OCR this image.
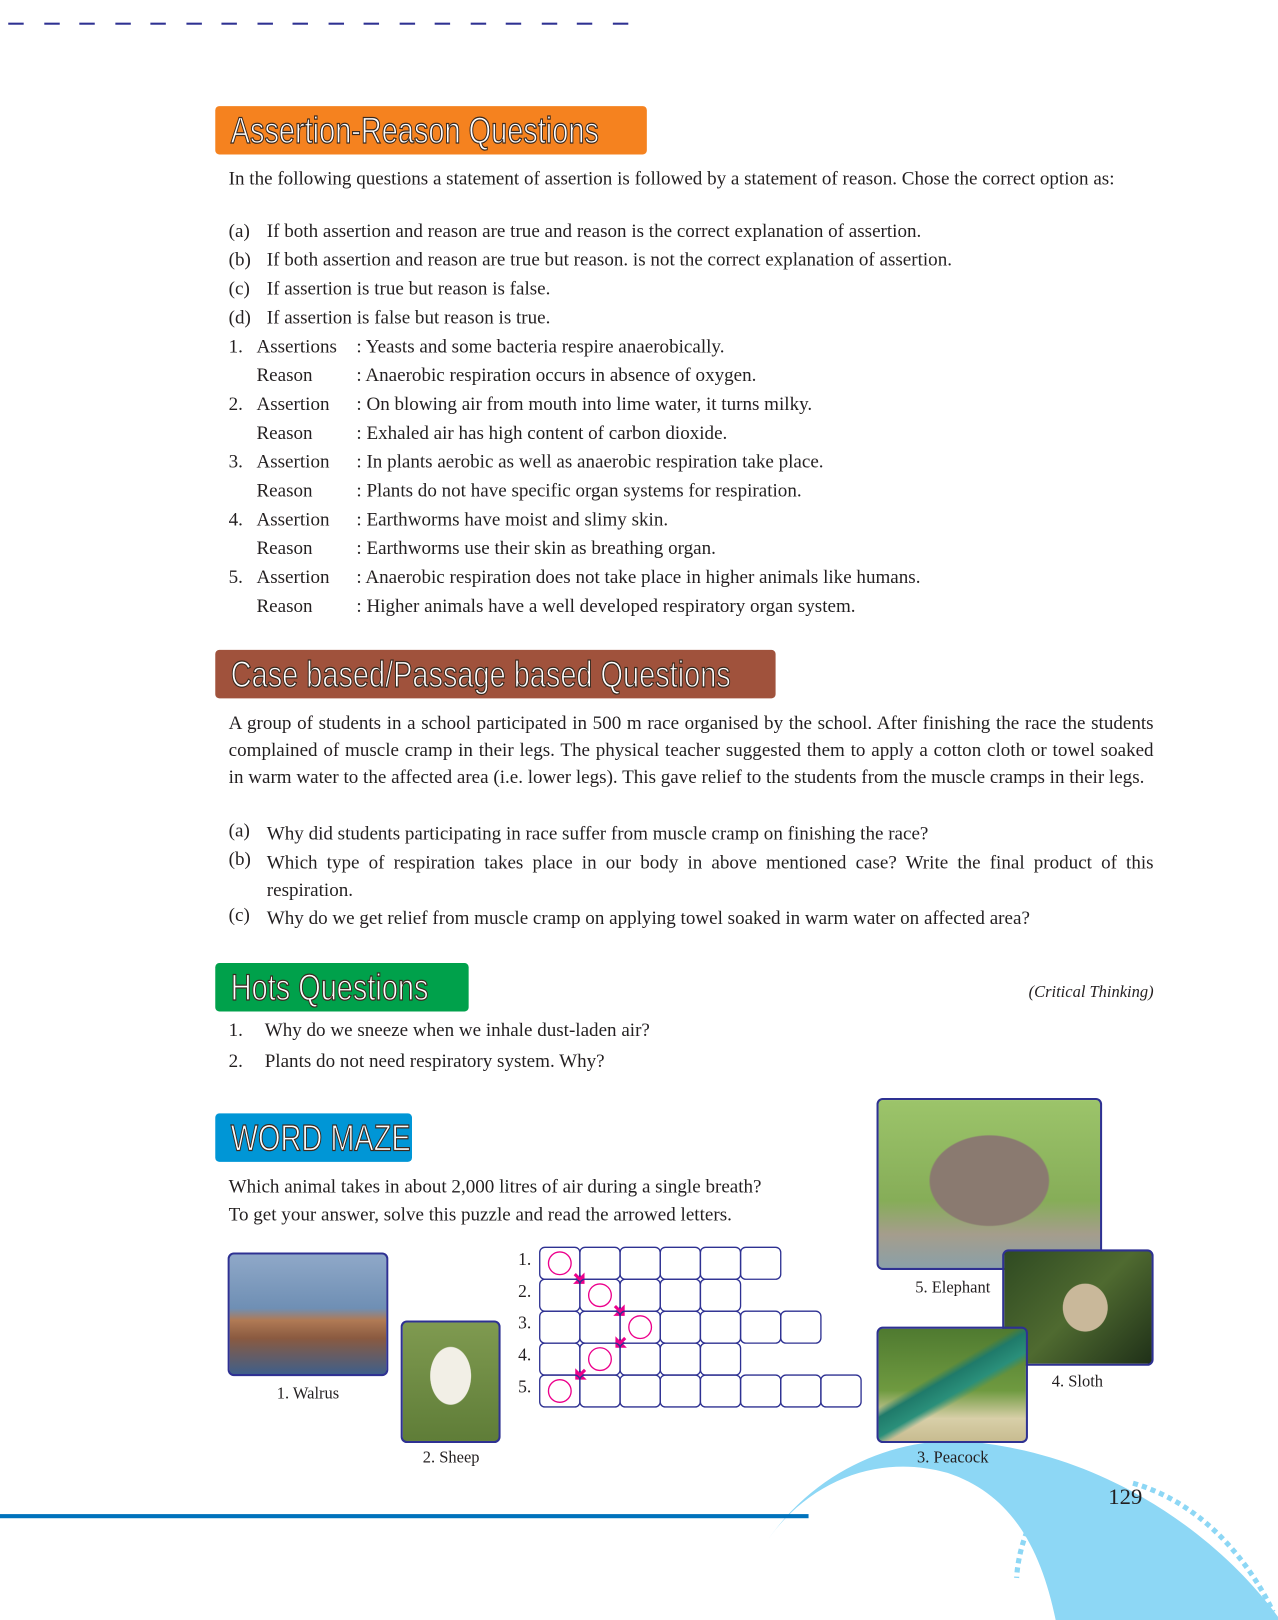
Assertion-Reason Questions
In the following questions a statement of assertion is followed by a statement of reason. Chose the correct option as:
(a) If both assertion and reason are true and reason is the correct explanation of assertion.
(b) If both assertion and reason are true but reason. is not the correct explanation of assertion.
(c) If assertion is true but reason is false.
(d) If assertion is false but reason is true.
1. Assertions : Yeasts and some bacteria respire anaerobically.
Reason : Anaerobic respiration occurs in absence of oxygen.
2. Assertion : On blowing air from mouth into lime water, it turns milky.
Reason : Exhaled air has high content of carbon dioxide.
3. Assertion : In plants aerobic as well as anaerobic respiration take place.
Reason : Plants do not have specific organ systems for respiration.
4. Assertion : Earthworms have moist and slimy skin.
Reason : Earthworms use their skin as breathing organ.
5. Assertion : Anaerobic respiration does not take place in higher animals like humans.
Reason : Higher animals have a well developed respiratory organ system.
Case based/Passage based Questions
A group of students in a school participated in 500 m race organised by the school. After finishing the race the students complained of muscle cramp in their legs. The physical teacher suggested them to apply a cotton cloth or towel soaked in warm water to the affected area (i.e. lower legs). This gave relief to the students from the muscle cramps in their legs.
(a) Why did students participating in race suffer from muscle cramp on finishing the race?
(b) Which type of respiration takes place in our body in above mentioned case? Write the final product of this respiration.
(c) Why do we get relief from muscle cramp on applying towel soaked in warm water on affected area?
Hots Questions	(Critical Thinking)
1. Why do we sneeze when we inhale dust-laden air?
2. Plants do not need respiratory system. Why?
WORD MAZE
Which animal takes in about 2,000 litres of air during a single breath?
To get your answer, solve this puzzle and read the arrowed letters.
129
1. Walrus
2. Sheep
5. Elephant
4. Sloth
3. Peacock
1.
2.
3.
4.
5.
